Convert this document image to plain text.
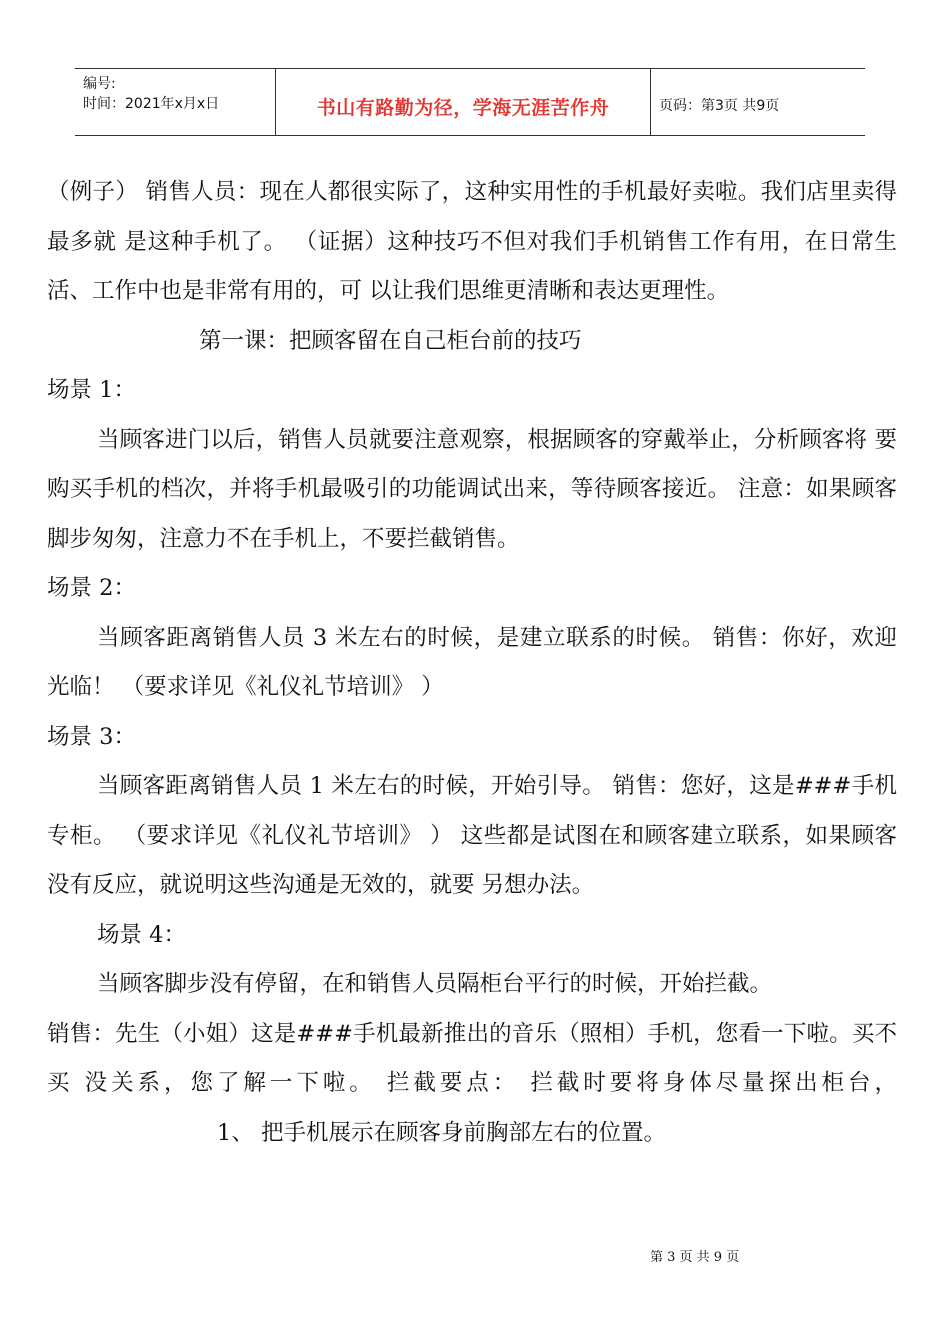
编号:
时间：2021年x月x日	书山有路勤为径，学海无涯苦作舟	页码：第3页 共9页

（例子） 销售人员：现在人都很实际了，这种实用性的手机最好卖啦。我们店里卖得最多就 是这种手机了。 （证据）这种技巧不但对我们手机销售工作有用，在日常生活、工作中也是非常有用的，可 以让我们思维更清晰和表达更理性。

第一课：把顾客留在自己柜台前的技巧

场景 1：

当顾客进门以后，销售人员就要注意观察，根据顾客的穿戴举止，分析顾客将 要购买手机的档次，并将手机最吸引的功能调试出来，等待顾客接近。 注意：如果顾客脚步匆匆，注意力不在手机上，不要拦截销售。

场景 2：

当顾客距离销售人员 3 米左右的时候，是建立联系的时候。 销售：你好，欢迎光临！ （要求详见《礼仪礼节培训》 ）

场景 3：

当顾客距离销售人员 1 米左右的时候，开始引导。 销售：您好，这是###手机专柜。 （要求详见《礼仪礼节培训》 ） 这些都是试图在和顾客建立联系，如果顾客没有反应，就说明这些沟通是无效的，就要 另想办法。

场景 4：

当顾客脚步没有停留，在和销售人员隔柜台平行的时候，开始拦截。

销售：先生（小姐）这是###手机最新推出的音乐（照相）手机，您看一下啦。买不买 没关系，您了解一下啦。 拦截要点： 拦截时要将身体尽量探出柜台，1、 把手机展示在顾客身前胸部左右的位置。

第 3 页 共 9 页
